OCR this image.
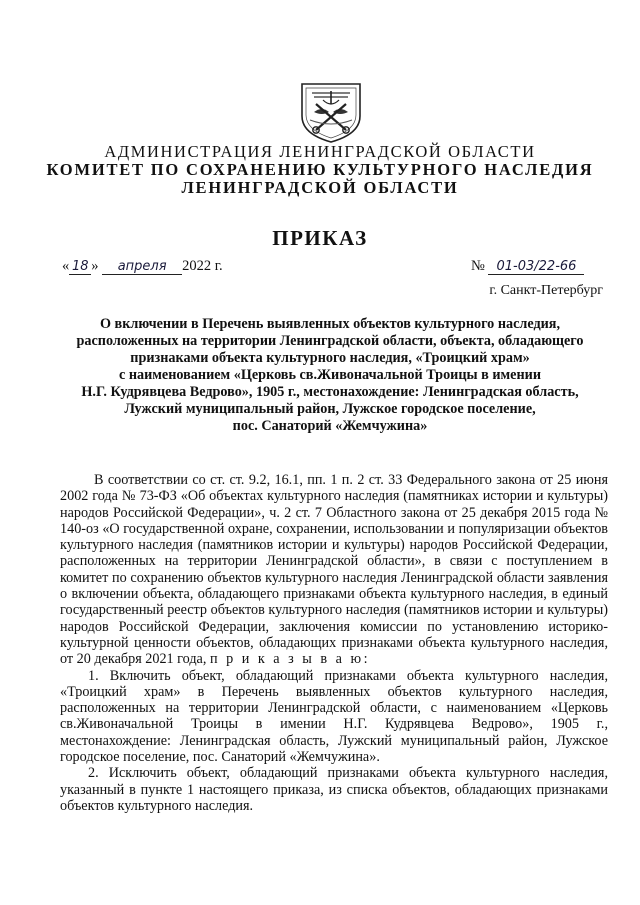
АДМИНИСТРАЦИЯ ЛЕНИНГРАДСКОЙ ОБЛАСТИ
КОМИТЕТ ПО СОХРАНЕНИЮ КУЛЬТУРНОГО НАСЛЕДИЯ
ЛЕНИНГРАДСКОЙ ОБЛАСТИ
ПРИКАЗ
« 18 » апреля 2022 г.	№ 01-03/22-66
г. Санкт-Петербург
О включении в Перечень выявленных объектов культурного наследия,
расположенных на территории Ленинградской области, объекта, обладающего
признаками объекта культурного наследия, «Троицкий храм»
с наименованием «Церковь св.Живоначальной Троицы в имении
Н.Г. Кудрявцева Ведрово», 1905 г., местонахождение: Ленинградская область,
Лужский муниципальный район, Лужское городское поселение,
пос. Санаторий «Жемчужина»

В соответствии со ст. ст. 9.2, 16.1, пп. 1 п. 2 ст. 33 Федерального закона от 25 июня 2002 года № 73-ФЗ «Об объектах культурного наследия (памятниках истории и культуры) народов Российской Федерации», ч. 2 ст. 7 Областного закона от 25 декабря 2015 года № 140-оз «О государственной охране, сохранении, использовании и популяризации объектов культурного наследия (памятников истории и культуры) народов Российской Федерации, расположенных на территории Ленинградской области», в связи с поступлением в комитет по сохранению объектов культурного наследия Ленинградской области заявления о включении объекта, обладающего признаками объекта культурного наследия, в единый государственный реестр объектов культурного наследия (памятников истории и культуры) народов Российской Федерации, заключения комиссии по установлению историко-культурной ценности объектов, обладающих признаками объекта культурного наследия, от 20 декабря 2021 года, п р и к а з ы в а ю:

1. Включить объект, обладающий признаками объекта культурного наследия, «Троицкий храм» в Перечень выявленных объектов культурного наследия, расположенных на территории Ленинградской области, с наименованием «Церковь св.Живоначальной Троицы в имении Н.Г. Кудрявцева Ведрово», 1905 г., местонахождение: Ленинградская область, Лужский муниципальный район, Лужское городское поселение, пос. Санаторий «Жемчужина».

2. Исключить объект, обладающий признаками объекта культурного наследия, указанный в пункте 1 настоящего приказа, из списка объектов, обладающих признаками объектов культурного наследия.
